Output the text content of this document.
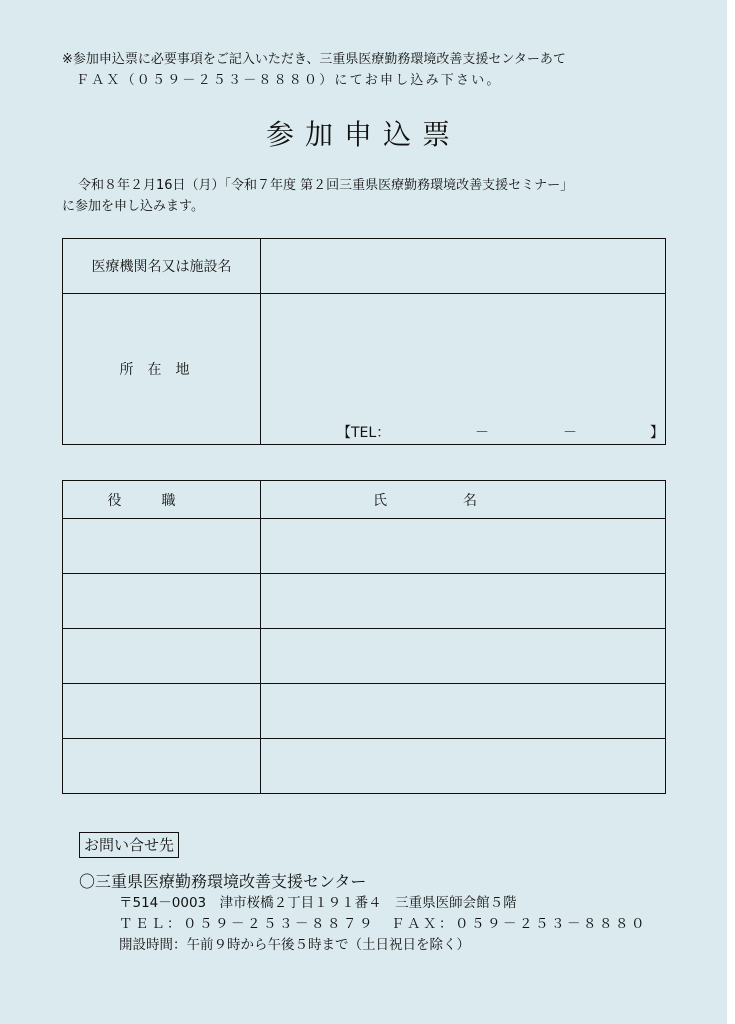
※参加申込票に必要事項をご記入いただき、三重県医療勤務環境改善支援センターあて
ＦＡＸ（０５９－２５３－８８８０）にてお申し込み下さい。
参加申込票
令和８年２月16日（月）「令和７年度 第２回三重県医療勤務環境改善支援セミナー」
に参加を申し込みます。
医療機関名又は施設名	
所在地	【TEL： － － 】
役職	氏名

お問い合せ先
〇三重県医療勤務環境改善支援センター
〒514－0003　津市桜橋２丁目１９１番４　三重県医師会館５階
ＴＥＬ：０５９－２５３－８８７９　ＦＡＸ：０５９－２５３－８８８０
開設時間：午前９時から午後５時まで（土日祝日を除く）
